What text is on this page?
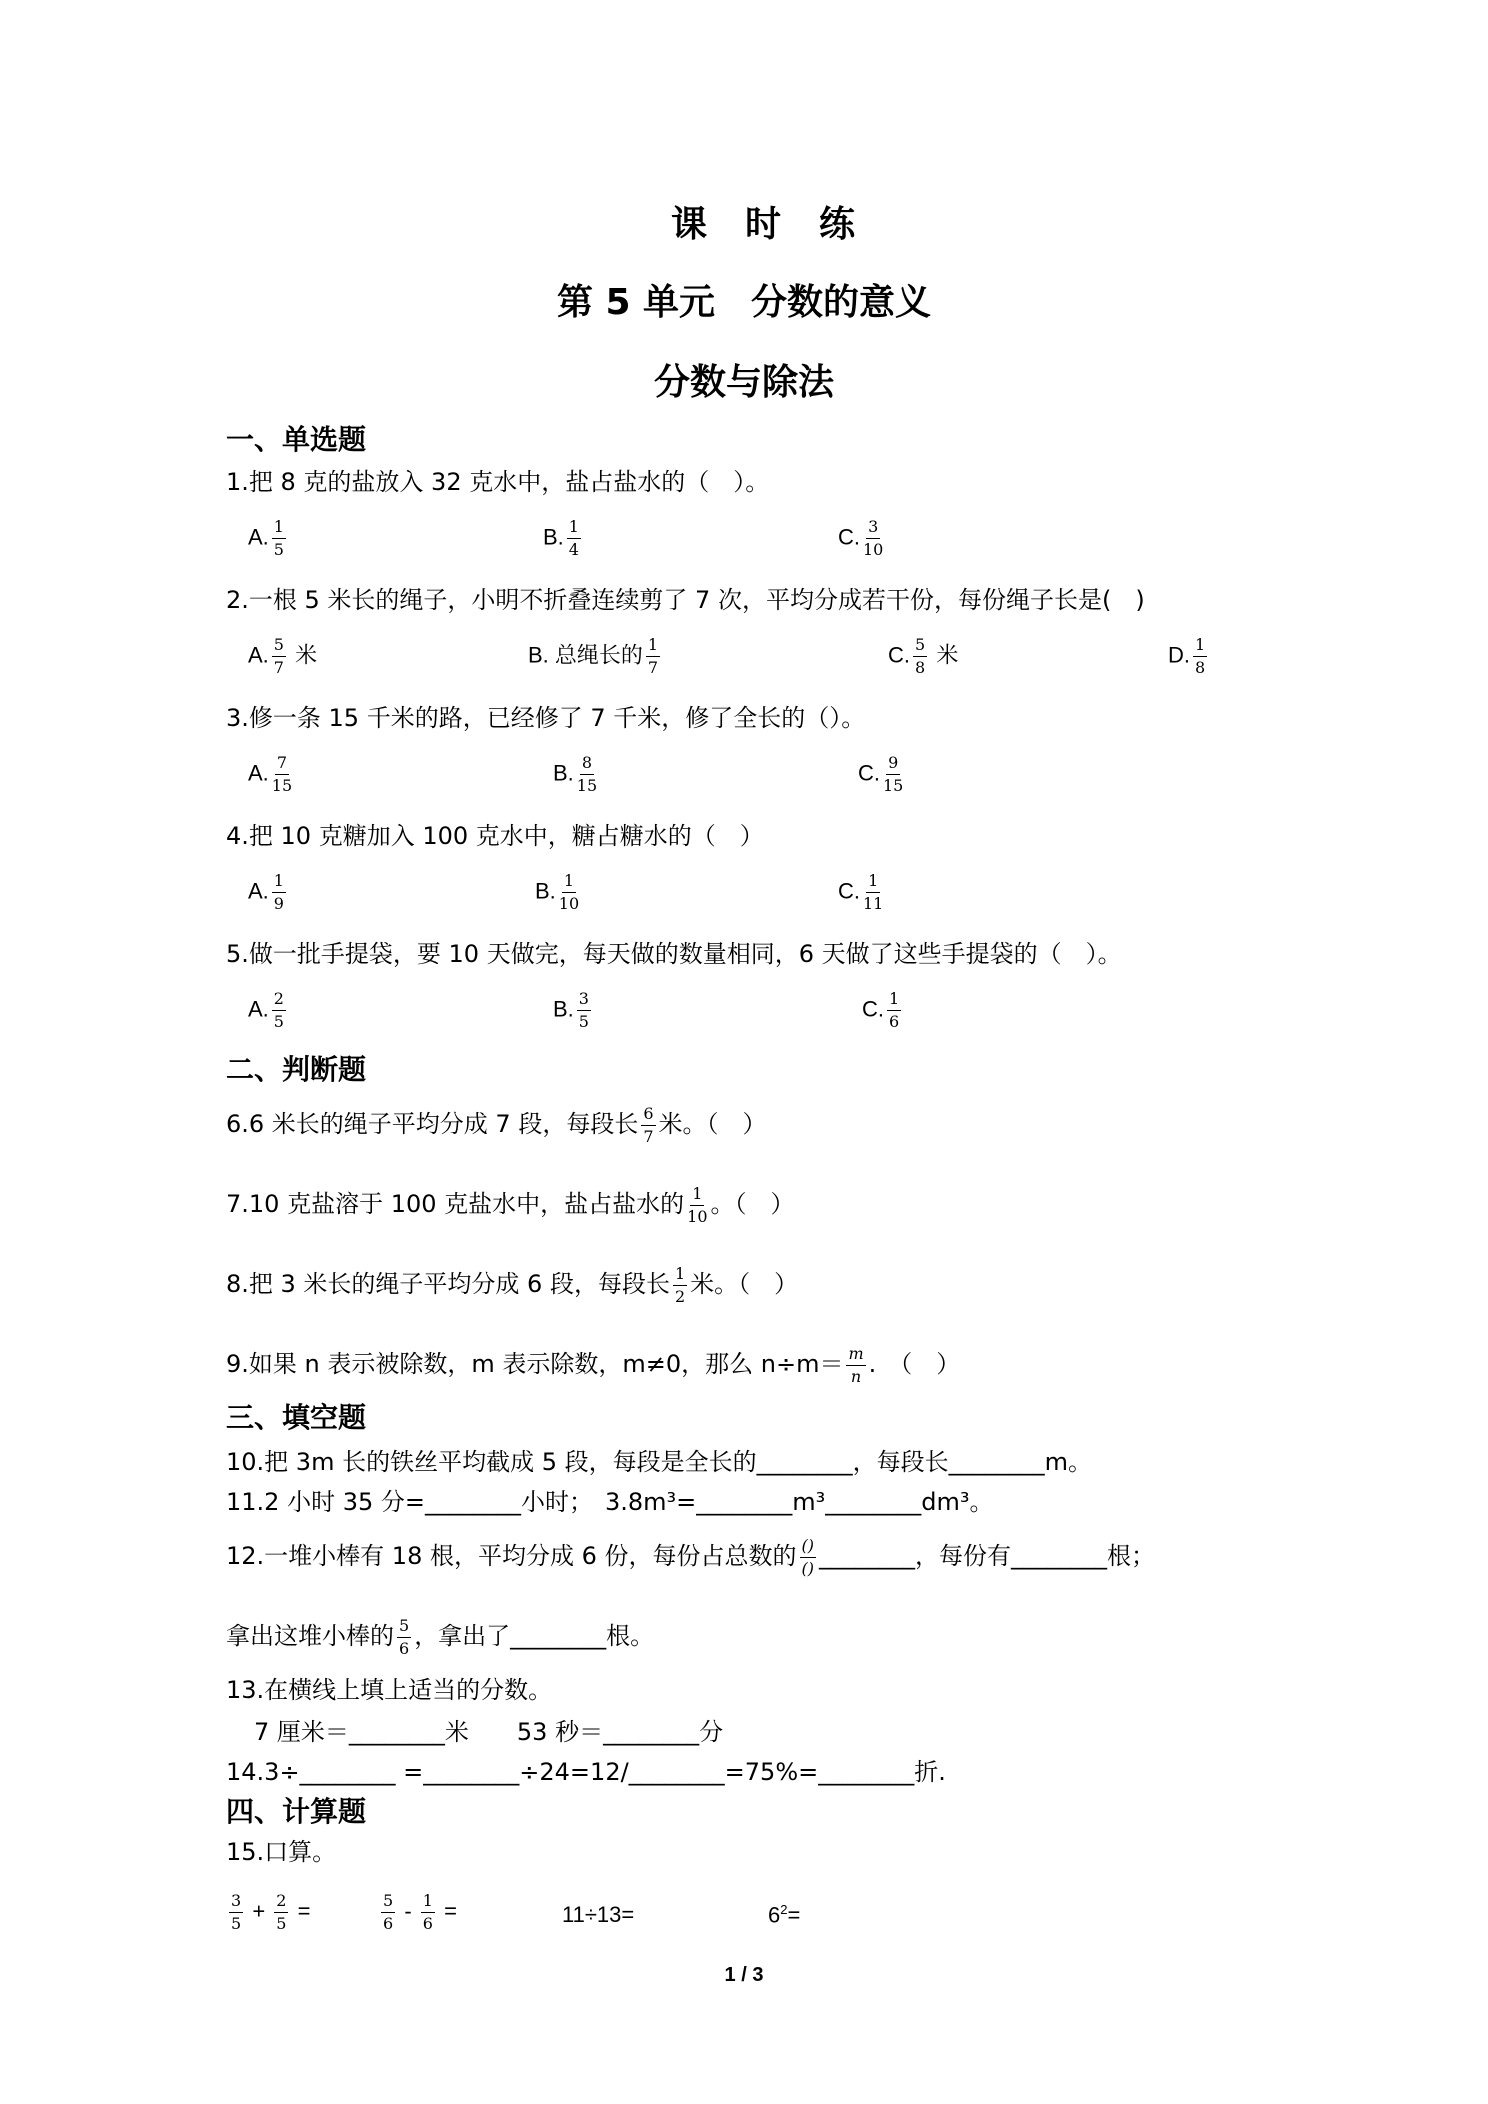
课时练
第 5 单元　分数的意义
分数与除法
一、单选题
1.把 8 克的盐放入 32 克水中，盐占盐水的（　）。
A. $\frac{1}{5}$	B. $\frac{1}{4}$	C. $\frac{3}{10}$
2.一根 5 米长的绳子，小明不折叠连续剪了 7 次，平均分成若干份，每份绳子长是(　)
A. $\frac{5}{7}$ 米	B. 总绳长的 $\frac{1}{7}$	C. $\frac{5}{8}$ 米	D. $\frac{1}{8}$
3.修一条 15 千米的路，已经修了 7 千米，修了全长的（）。
A. $\frac{7}{15}$	B. $\frac{8}{15}$	C. $\frac{9}{15}$
4.把 10 克糖加入 100 克水中，糖占糖水的（　）
A. $\frac{1}{9}$	B. $\frac{1}{10}$	C. $\frac{1}{11}$
5.做一批手提袋，要 10 天做完，每天做的数量相同，6 天做了这些手提袋的（　）。
A. $\frac{2}{5}$	B. $\frac{3}{5}$	C. $\frac{1}{6}$
二、判断题
6.6 米长的绳子平均分成 7 段，每段长 $\frac{6}{7}$ 米。（　）
7.10 克盐溶于 100 克盐水中，盐占盐水的 $\frac{1}{10}$ 。（　）
8.把 3 米长的绳子平均分成 6 段，每段长 $\frac{1}{2}$ 米。（　）
9.如果 n 表示被除数，m 表示除数，m≠0，那么 $n\div m= \frac{m}{n}$ .　（　）
三、填空题
10.把 3m 长的铁丝平均截成 5 段，每段是全长的________，每段长________m。
11.2 小时 35 分=________小时；　3.8m³=________m³________dm³。
12.一堆小棒有 18 根，平均分成 6 份，每份占总数的 $\frac{()}{()}$ ________，每份有________根；
拿出这堆小棒的 $\frac{5}{6}$ ，拿出了________根。
13.在横线上填上适当的分数。
7 厘米＝________米　　53 秒＝________分
14.3÷________ =________÷24=12/________=75%=________折.
四、计算题
15.口算。
$\frac{3}{5} + \frac{2}{5}$ =	$\frac{5}{6} - \frac{1}{6}$ =	11÷13=	$6^2=$
1 / 3
